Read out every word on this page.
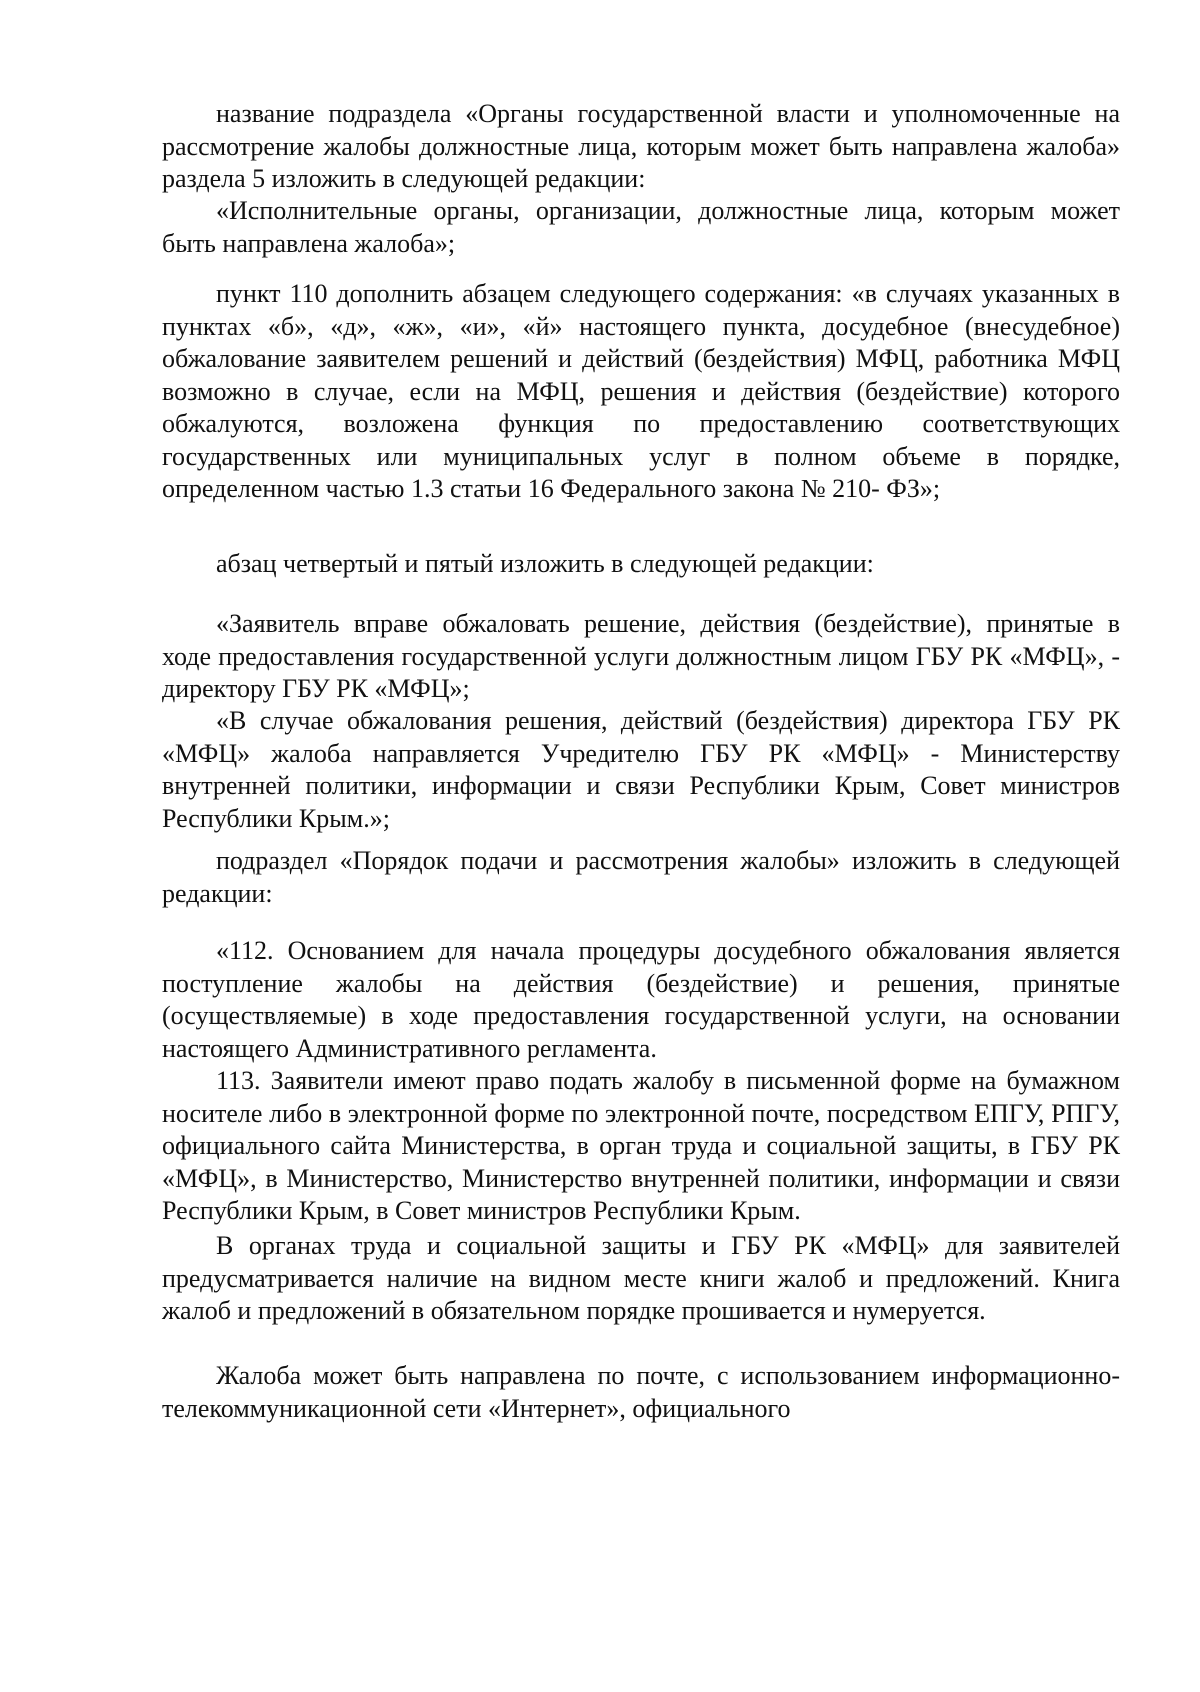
название подраздела «Органы государственной власти и уполномоченные на рассмотрение жалобы должностные лица, которым может быть направлена жалоба» раздела 5 изложить в следующей редакции:

«Исполнительные органы, организации, должностные лица, которым может быть направлена жалоба»;

пункт 110 дополнить абзацем следующего содержания: «в случаях указанных в пунктах «б», «д», «ж», «и», «й» настоящего пункта, досудебное (внесудебное) обжалование заявителем решений и действий (бездействия) МФЦ, работника МФЦ возможно в случае, если на МФЦ, решения и действия (бездействие) которого обжалуются, возложена функция по предоставлению соответствующих государственных или муниципальных услуг в полном объеме в порядке, определенном частью 1.3 статьи 16 Федерального закона № 210- ФЗ»;

абзац четвертый и пятый изложить в следующей редакции:

«Заявитель вправе обжаловать решение, действия (бездействие), принятые в ходе предоставления государственной услуги должностным лицом ГБУ РК «МФЦ», - директору ГБУ РК «МФЦ»;

«В случае обжалования решения, действий (бездействия) директора ГБУ РК «МФЦ» жалоба направляется Учредителю ГБУ РК «МФЦ» - Министерству внутренней политики, информации и связи Республики Крым, Совет министров Республики Крым.»;

подраздел «Порядок подачи и рассмотрения жалобы» изложить в следующей редакции:

«112. Основанием для начала процедуры досудебного обжалования является поступление жалобы на действия (бездействие) и решения, принятые (осуществляемые) в ходе предоставления государственной услуги, на основании настоящего Административного регламента.

113. Заявители имеют право подать жалобу в письменной форме на бумажном носителе либо в электронной форме по электронной почте, посредством ЕПГУ, РПГУ, официального сайта Министерства, в орган труда и социальной защиты, в ГБУ РК «МФЦ», в Министерство, Министерство внутренней политики, информации и связи Республики Крым, в Совет министров Республики Крым.

В органах труда и социальной защиты и ГБУ РК «МФЦ» для заявителей предусматривается наличие на видном месте книги жалоб и предложений. Книга жалоб и предложений в обязательном порядке прошивается и нумеруется.

Жалоба может быть направлена по почте, с использованием информационно-телекоммуникационной сети «Интернет», официального
